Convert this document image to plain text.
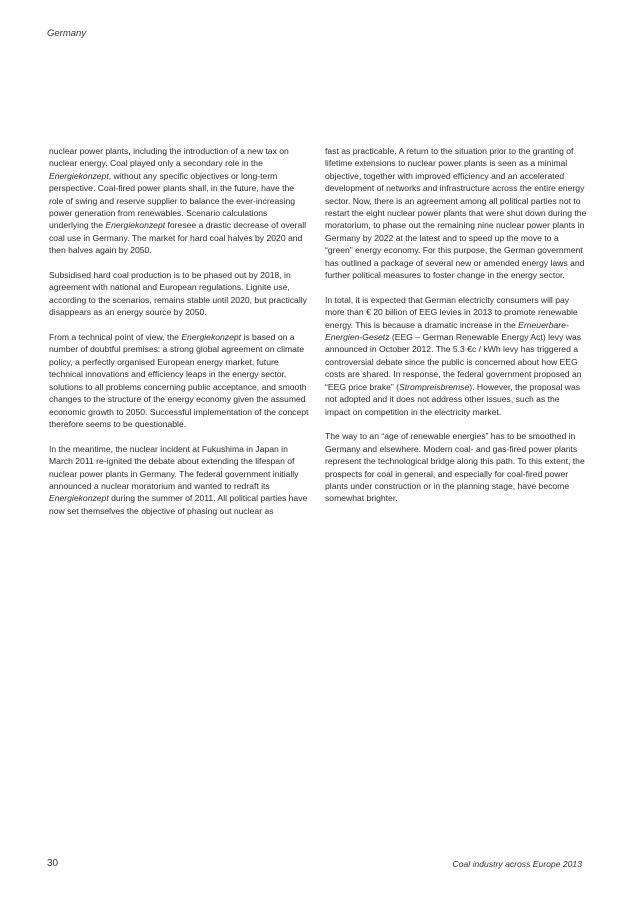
Germany

nuclear power plants, including the introduction of a new tax on nuclear energy. Coal played only a secondary role in the Energiekonzept, without any specific objectives or long-term perspective. Coal-fired power plants shall, in the future, have the role of swing and reserve supplier to balance the ever-increasing power generation from renewables. Scenario calculations underlying the Energiekonzept foresee a drastic decrease of overall coal use in Germany. The market for hard coal halves by 2020 and then halves again by 2050.

Subsidised hard coal production is to be phased out by 2018, in agreement with national and European regulations. Lignite use, according to the scenarios, remains stable until 2020, but practically disappears as an energy source by 2050.

From a technical point of view, the Energiekonzept is based on a number of doubtful premises: a strong global agreement on climate policy, a perfectly organised European energy market, future technical innovations and efficiency leaps in the energy sector, solutions to all problems concerning public acceptance, and smooth changes to the structure of the energy economy given the assumed economic growth to 2050. Successful implementation of the concept therefore seems to be questionable.

In the meantime, the nuclear incident at Fukushima in Japan in March 2011 re-ignited the debate about extending the lifespan of nuclear power plants in Germany. The federal government initially announced a nuclear moratorium and wanted to redraft its Energiekonzept during the summer of 2011. All political parties have now set themselves the objective of phasing out nuclear as

fast as practicable. A return to the situation prior to the granting of lifetime extensions to nuclear power plants is seen as a minimal objective, together with improved efficiency and an accelerated development of networks and infrastructure across the entire energy sector. Now, there is an agreement among all political parties not to restart the eight nuclear power plants that were shut down during the moratorium, to phase out the remaining nine nuclear power plants in Germany by 2022 at the latest and to speed up the move to a “green” energy economy. For this purpose, the German government has outlined a package of several new or amended energy laws and further political measures to foster change in the energy sector.

In total, it is expected that German electricity consumers will pay more than € 20 billion of EEG levies in 2013 to promote renewable energy. This is because a dramatic increase in the Erneuerbare-Energien-Gesetz (EEG – German Renewable Energy Act) levy was announced in October 2012. The 5.3 €c / kWh levy has triggered a controversial debate since the public is concerned about how EEG costs are shared. In response, the federal government proposed an “EEG price brake” (Strompreisbremse). However, the proposal was not adopted and it does not address other issues, such as the impact on competition in the electricity market.

The way to an “age of renewable energies” has to be smoothed in Germany and elsewhere. Modern coal- and gas-fired power plants represent the technological bridge along this path. To this extent, the prospects for coal in general, and especially for coal-fired power plants under construction or in the planning stage, have become somewhat brighter.

30	Coal industry across Europe 2013
